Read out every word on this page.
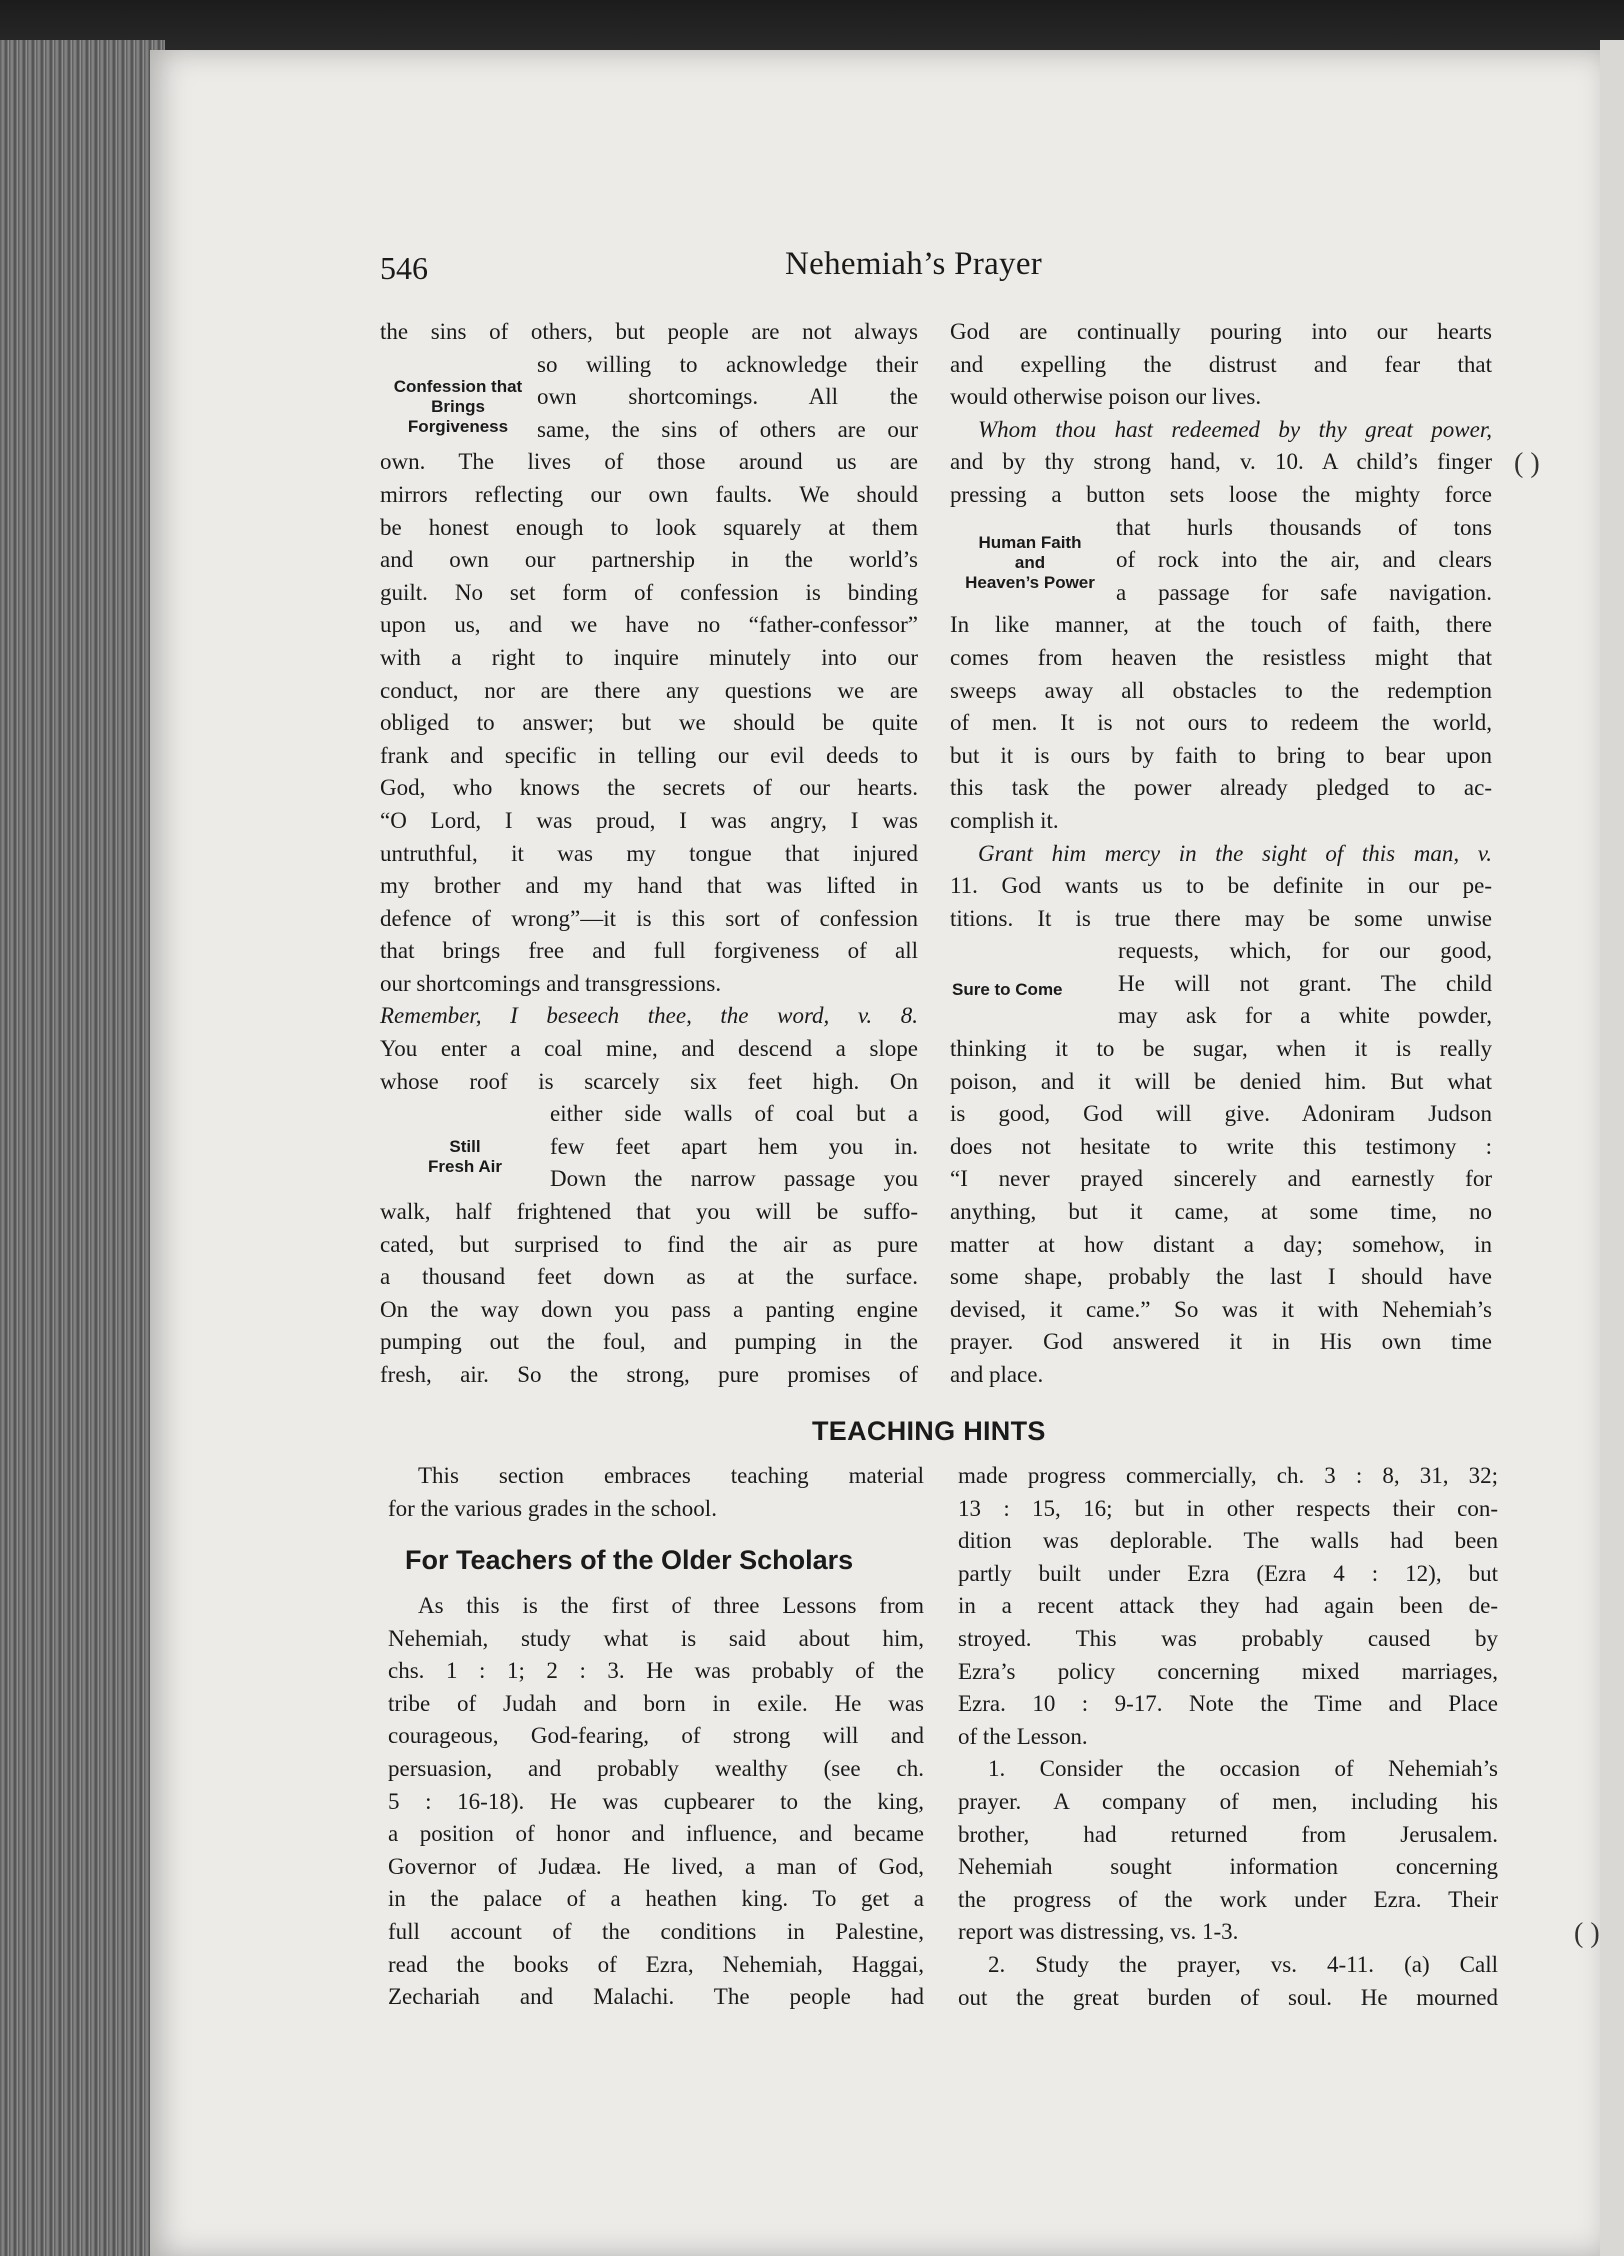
546	Nehemiah’s Prayer
the sins of others, but people are not always
so willing to acknowledge their
own shortcomings. All the
same, the sins of others are our
own. The lives of those around us are
mirrors reflecting our own faults. We should
be honest enough to look squarely at them
and own our partnership in the world’s
guilt. No set form of confession is binding
upon us, and we have no “father-confessor”
with a right to inquire minutely into our
conduct, nor are there any questions we are
obliged to answer; but we should be quite
frank and specific in telling our evil deeds to
God, who knows the secrets of our hearts.
“O Lord, I was proud, I was angry, I was
untruthful, it was my tongue that injured
my brother and my hand that was lifted in
defence of wrong”—it is this sort of confession
that brings free and full forgiveness of all
our shortcomings and transgressions.
Remember, I beseech thee, the word, v. 8.
You enter a coal mine, and descend a slope
whose roof is scarcely six feet high. On
either side walls of coal but a
few feet apart hem you in.
Down the narrow passage you
walk, half frightened that you will be suffo-
cated, but surprised to find the air as pure
a thousand feet down as at the surface.
On the way down you pass a panting engine
pumping out the foul, and pumping in the
fresh, air. So the strong, pure promises of
Confession that
Brings
Forgiveness
Still
Fresh Air
God are continually pouring into our hearts
and expelling the distrust and fear that
would otherwise poison our lives.
Whom thou hast redeemed by thy great power,
and by thy strong hand, v. 10. A child’s finger
pressing a button sets loose the mighty force
that hurls thousands of tons
of rock into the air, and clears
a passage for safe navigation.
In like manner, at the touch of faith, there
comes from heaven the resistless might that
sweeps away all obstacles to the redemption
of men. It is not ours to redeem the world,
but it is ours by faith to bring to bear upon
this task the power already pledged to ac-
complish it.
Grant him mercy in the sight of this man, v.
11. God wants us to be definite in our pe-
titions. It is true there may be some unwise
requests, which, for our good,
He will not grant. The child
may ask for a white powder,
thinking it to be sugar, when it is really
poison, and it will be denied him. But what
is good, God will give. Adoniram Judson
does not hesitate to write this testimony :
“I never prayed sincerely and earnestly for
anything, but it came, at some time, no
matter at how distant a day; somehow, in
some shape, probably the last I should have
devised, it came.” So was it with Nehemiah’s
prayer. God answered it in His own time
and place.
Human Faith
and
Heaven’s Power
Sure to Come
( )
( )
TEACHING HINTS
This section embraces teaching material
for the various grades in the school.
For Teachers of the Older Scholars
As this is the first of three Lessons from
Nehemiah, study what is said about him,
chs. 1 : 1; 2 : 3. He was probably of the
tribe of Judah and born in exile. He was
courageous, God-fearing, of strong will and
persuasion, and probably wealthy (see ch.
5 : 16-18). He was cupbearer to the king,
a position of honor and influence, and became
Governor of Judæa. He lived, a man of God,
in the palace of a heathen king. To get a
full account of the conditions in Palestine,
read the books of Ezra, Nehemiah, Haggai,
Zechariah and Malachi. The people had
made progress commercially, ch. 3 : 8, 31, 32;
13 : 15, 16; but in other respects their con-
dition was deplorable. The walls had been
partly built under Ezra (Ezra 4 : 12), but
in a recent attack they had again been de-
stroyed. This was probably caused by
Ezra’s policy concerning mixed marriages,
Ezra. 10 : 9-17. Note the Time and Place
of the Lesson.
1. Consider the occasion of Nehemiah’s
prayer. A company of men, including his
brother, had returned from Jerusalem.
Nehemiah sought information concerning
the progress of the work under Ezra. Their
report was distressing, vs. 1-3.
2. Study the prayer, vs. 4-11. (a) Call
out the great burden of soul. He mourned
